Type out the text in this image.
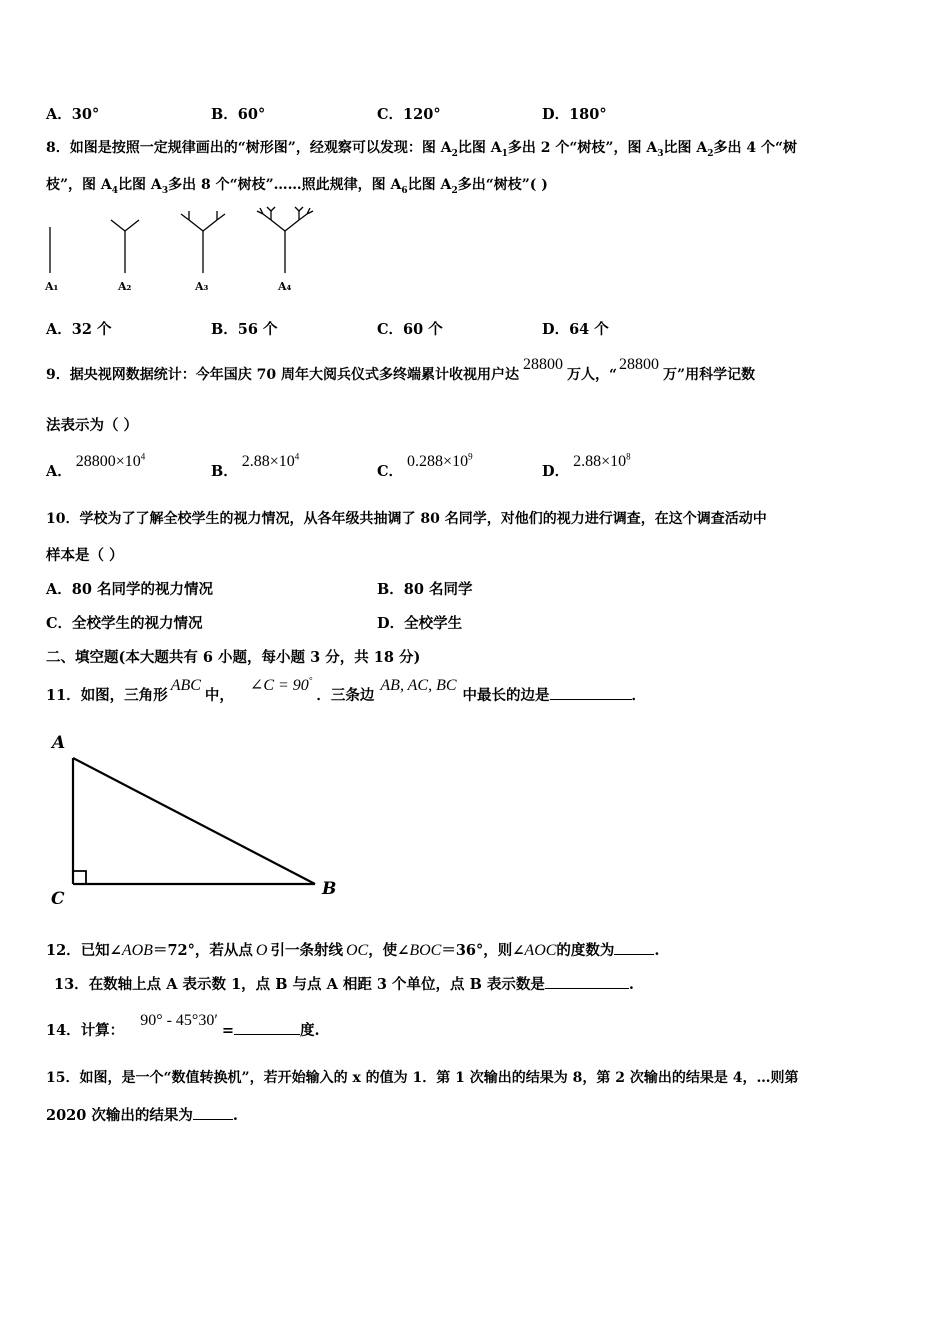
A．30°	B．60°	C．120°	D．180°
8．如图是按照一定规律画出的“树形图”，经观察可以发现：图 $A_2$比图 $A_1$多出 2 个“树枝”，图 $A_3$比图 $A_2$多出 4 个“树
枝”，图 $A_4$比图 $A_3$多出 8 个“树枝”……照此规律，图 $A_6$比图 $A_2$多出“树枝”( )
A₁	A₂	A₃	A₄
A．32 个	B．56 个	C．60 个	D．64 个
9．据央视网数据统计：今年国庆 70 周年大阅兵仪式多终端累计收视用户达28800万人，“28800万”用科学记数
法表示为（ ）
A．$28800\times 10^4$
B．$2.88\times 10^4$
C．$0.288\times 10^9$
D．$2.88\times 10^8$
10．学校为了了解全校学生的视力情况，从各年级共抽调了 80 名同学，对他们的视力进行调查，在这个调查活动中
样本是（ ）
A．80 名同学的视力情况	B．80 名同学
C．全校学生的视力情况	D．全校学生
二、填空题(本大题共有 6 小题，每小题 3 分，共 18 分)
11．如图，三角形ABC中，∠C = 90°．三条边AB, AC, BC中最长的边是	．
A
B
C
12．已知∠AOB＝72°，若从点 O 引一条射线 OC，使∠BOC＝36°，则∠AOC的度数为	.
13．在数轴上点 A 表示数 1，点 B 与点 A 相距 3 个单位，点 B 表示数是	.
14．计算：90° - 45°30′=	度.
15．如图，是一个“数值转换机”，若开始输入的 x 的值为 1．第 1 次输出的结果为 8，第 2 次输出的结果是 4，…则第
2020 次输出的结果为	.
